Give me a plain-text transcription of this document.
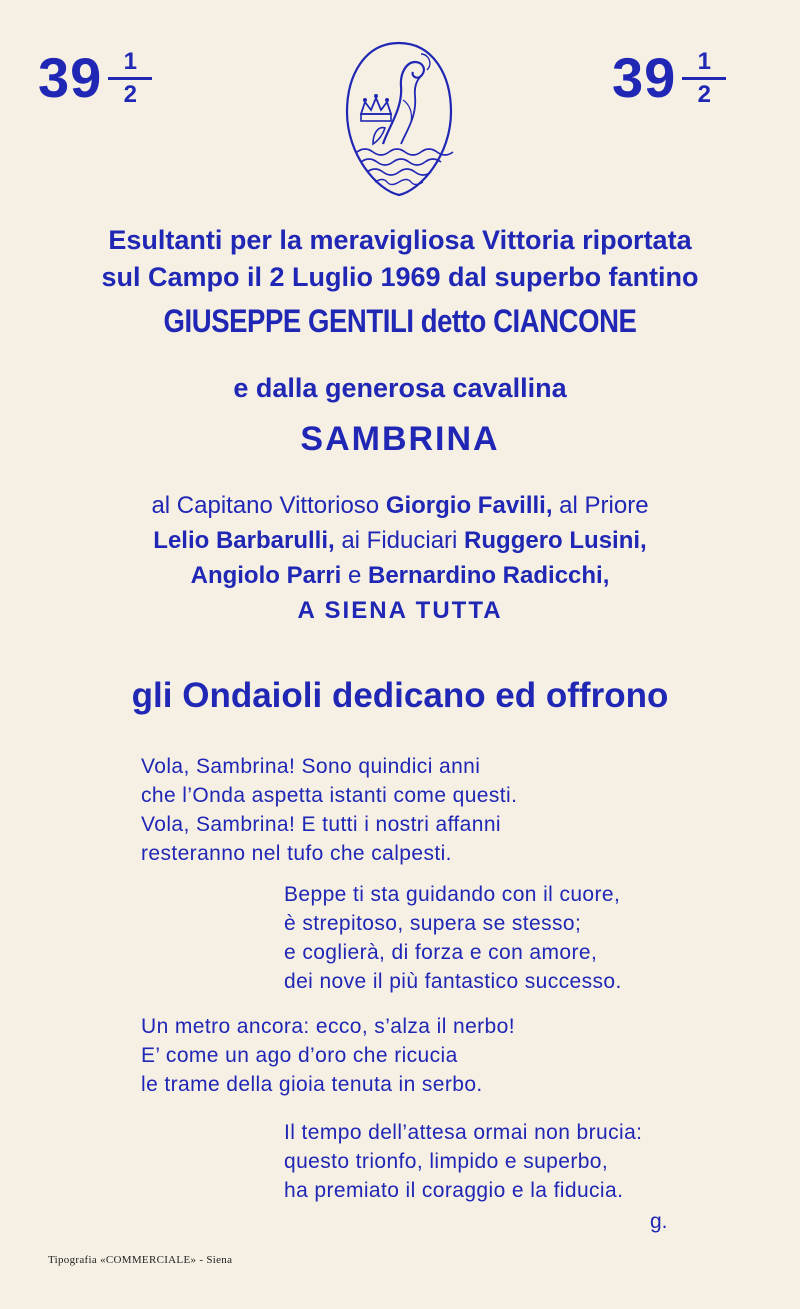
$39 \frac{1}{2}$	$39 \frac{1}{2}$
Esultanti per la meravigliosa Vittoria riportata
sul Campo il 2 Luglio 1969 dal superbo fantino
GIUSEPPE GENTILI detto CIANCONE
e dalla generosa cavallina
SAMBRINA
al Capitano Vittorioso Giorgio Favilli, al Priore
Lelio Barbarulli, ai Fiduciari Ruggero Lusini,
Angiolo Parri e Bernardino Radicchi,
A SIENA TUTTA
gli Ondaioli dedicano ed offrono
Vola, Sambrina! Sono quindici anni
che l’Onda aspetta istanti come questi.
Vola, Sambrina! E tutti i nostri affanni
resteranno nel tufo che calpesti.
Beppe ti sta guidando con il cuore,
è strepitoso, supera se stesso;
e coglierà, di forza e con amore,
dei nove il più fantastico successo.
Un metro ancora: ecco, s’alza il nerbo!
E’ come un ago d’oro che ricucia
le trame della gioia tenuta in serbo.
Il tempo dell’attesa ormai non brucia:
questo trionfo, limpido e superbo,
ha premiato il coraggio e la fiducia.
g.
Tipografia «COMMERCIALE» - Siena
